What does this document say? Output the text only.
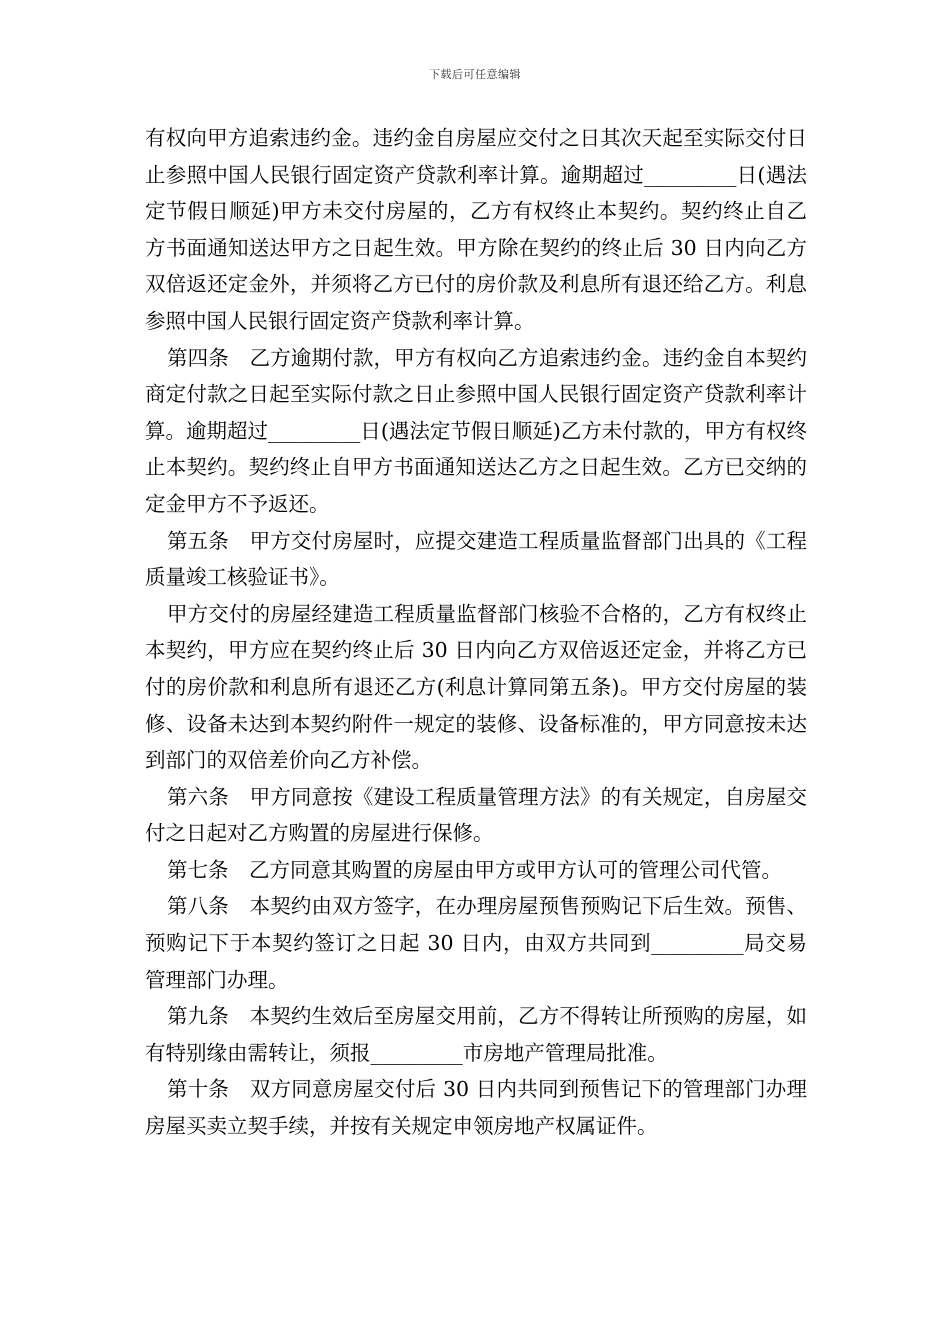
下载后可任意编辑

有权向甲方追索违约金。违约金自房屋应交付之日其次天起至实际交付日止参照中国人民银行固定资产贷款利率计算。逾期超过_________日(遇法定节假日顺延)甲方未交付房屋的，乙方有权终止本契约。契约终止自乙方书面通知送达甲方之日起生效。甲方除在契约的终止后 30 日内向乙方双倍返还定金外，并须将乙方已付的房价款及利息所有退还给乙方。利息参照中国人民银行固定资产贷款利率计算。

第四条　乙方逾期付款，甲方有权向乙方追索违约金。违约金自本契约商定付款之日起至实际付款之日止参照中国人民银行固定资产贷款利率计算。逾期超过_________日(遇法定节假日顺延)乙方未付款的，甲方有权终止本契约。契约终止自甲方书面通知送达乙方之日起生效。乙方已交纳的定金甲方不予返还。

第五条　甲方交付房屋时，应提交建造工程质量监督部门出具的《工程质量竣工核验证书》。

甲方交付的房屋经建造工程质量监督部门核验不合格的，乙方有权终止本契约，甲方应在契约终止后 30 日内向乙方双倍返还定金，并将乙方已付的房价款和利息所有退还乙方(利息计算同第五条)。甲方交付房屋的装修、设备未达到本契约附件一规定的装修、设备标准的，甲方同意按未达到部门的双倍差价向乙方补偿。

第六条　甲方同意按《建设工程质量管理方法》的有关规定，自房屋交付之日起对乙方购置的房屋进行保修。

第七条　乙方同意其购置的房屋由甲方或甲方认可的管理公司代管。

第八条　本契约由双方签字，在办理房屋预售预购记下后生效。预售、预购记下于本契约签订之日起 30 日内，由双方共同到_________局交易管理部门办理。

第九条　本契约生效后至房屋交用前，乙方不得转让所预购的房屋，如有特别缘由需转让，须报_________市房地产管理局批准。

第十条　双方同意房屋交付后 30 日内共同到预售记下的管理部门办理房屋买卖立契手续，并按有关规定申领房地产权属证件。
